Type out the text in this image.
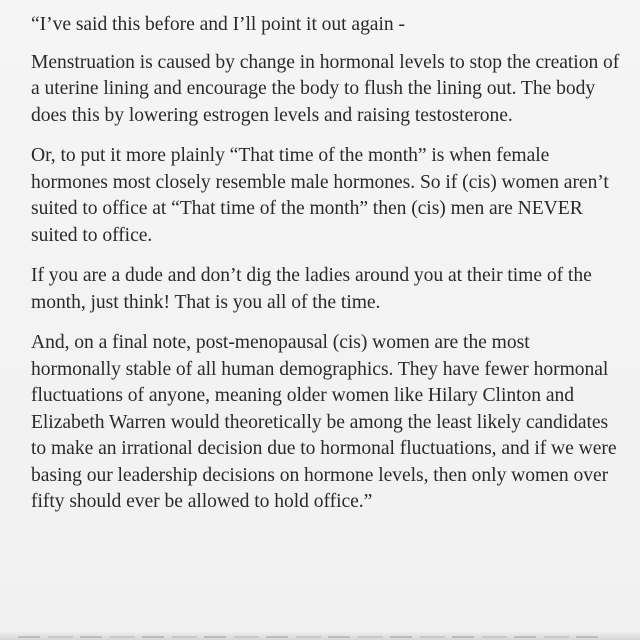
“I’ve said this before and I’ll point it out again -

Menstruation is caused by change in hormonal levels to stop the creation of a uterine lining and encourage the body to flush the lining out. The body does this by lowering estrogen levels and raising testosterone.

Or, to put it more plainly “That time of the month” is when female hormones most closely resemble male hormones. So if (cis) women aren’t suited to office at “That time of the month” then (cis) men are NEVER suited to office.

If you are a dude and don’t dig the ladies around you at their time of the month, just think! That is you all of the time.

And, on a final note, post-menopausal (cis) women are the most hormonally stable of all human demographics. They have fewer hormonal fluctuations of anyone, meaning older women like Hilary Clinton and Elizabeth Warren would theoretically be among the least likely candidates to make an irrational decision due to hormonal fluctuations, and if we were basing our leadership decisions on hormone levels, then only women over fifty should ever be allowed to hold office.”
